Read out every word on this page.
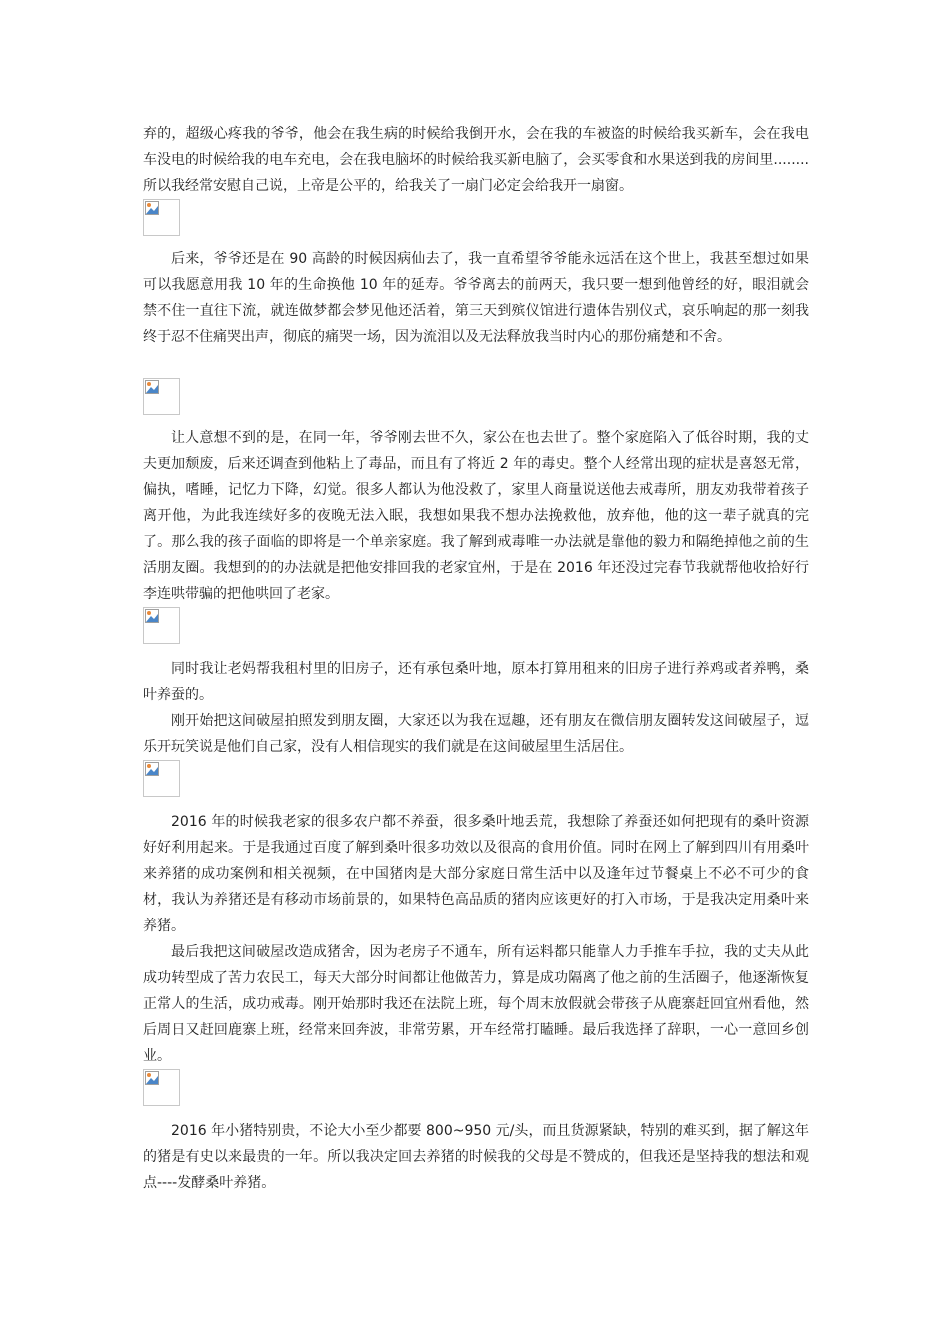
弃的，超级心疼我的爷爷，他会在我生病的时候给我倒开水，会在我的车被盗的时候给我买新车，会在我电车没电的时候给我的电车充电，会在我电脑坏的时候给我买新电脑了，会买零食和水果送到我的房间里........所以我经常安慰自己说，上帝是公平的，给我关了一扇门必定会给我开一扇窗。

后来，爷爷还是在 90 高龄的时候因病仙去了，我一直希望爷爷能永远活在这个世上，我甚至想过如果可以我愿意用我 10 年的生命换他 10 年的延寿。爷爷离去的前两天，我只要一想到他曾经的好，眼泪就会禁不住一直往下流，就连做梦都会梦见他还活着，第三天到殡仪馆进行遗体告别仪式，哀乐响起的那一刻我终于忍不住痛哭出声，彻底的痛哭一场，因为流泪以及无法释放我当时内心的那份痛楚和不舍。

让人意想不到的是，在同一年，爷爷刚去世不久，家公在也去世了。整个家庭陷入了低谷时期，我的丈夫更加颓废，后来还调查到他粘上了毒品，而且有了将近 2 年的毒史。整个人经常出现的症状是喜怒无常，偏执，嗜睡，记忆力下降，幻觉。很多人都认为他没救了，家里人商量说送他去戒毒所，朋友劝我带着孩子离开他，为此我连续好多的夜晚无法入眠，我想如果我不想办法挽救他，放弃他，他的这一辈子就真的完了。那么我的孩子面临的即将是一个单亲家庭。我了解到戒毒唯一办法就是靠他的毅力和隔绝掉他之前的生活朋友圈。我想到的的办法就是把他安排回我的老家宜州，于是在 2016 年还没过完春节我就帮他收拾好行李连哄带骗的把他哄回了老家。

同时我让老妈帮我租村里的旧房子，还有承包桑叶地，原本打算用租来的旧房子进行养鸡或者养鸭，桑叶养蚕的。

刚开始把这间破屋拍照发到朋友圈，大家还以为我在逗趣，还有朋友在微信朋友圈转发这间破屋子，逗乐开玩笑说是他们自己家，没有人相信现实的我们就是在这间破屋里生活居住。

2016 年的时候我老家的很多农户都不养蚕，很多桑叶地丢荒，我想除了养蚕还如何把现有的桑叶资源好好利用起来。于是我通过百度了解到桑叶很多功效以及很高的食用价值。同时在网上了解到四川有用桑叶来养猪的成功案例和相关视频，在中国猪肉是大部分家庭日常生活中以及逢年过节餐桌上不必不可少的食材，我认为养猪还是有移动市场前景的，如果特色高品质的猪肉应该更好的打入市场，于是我决定用桑叶来养猪。

最后我把这间破屋改造成猪舍，因为老房子不通车，所有运料都只能靠人力手推车手拉，我的丈夫从此成功转型成了苦力农民工，每天大部分时间都让他做苦力，算是成功隔离了他之前的生活圈子，他逐渐恢复正常人的生活，成功戒毒。刚开始那时我还在法院上班，每个周末放假就会带孩子从鹿寨赶回宜州看他，然后周日又赶回鹿寨上班，经常来回奔波，非常劳累，开车经常打瞌睡。最后我选择了辞职，一心一意回乡创业。

2016 年小猪特别贵，不论大小至少都要 800~950 元/头，而且货源紧缺，特别的难买到，据了解这年的猪是有史以来最贵的一年。所以我决定回去养猪的时候我的父母是不赞成的，但我还是坚持我的想法和观点----发酵桑叶养猪。
